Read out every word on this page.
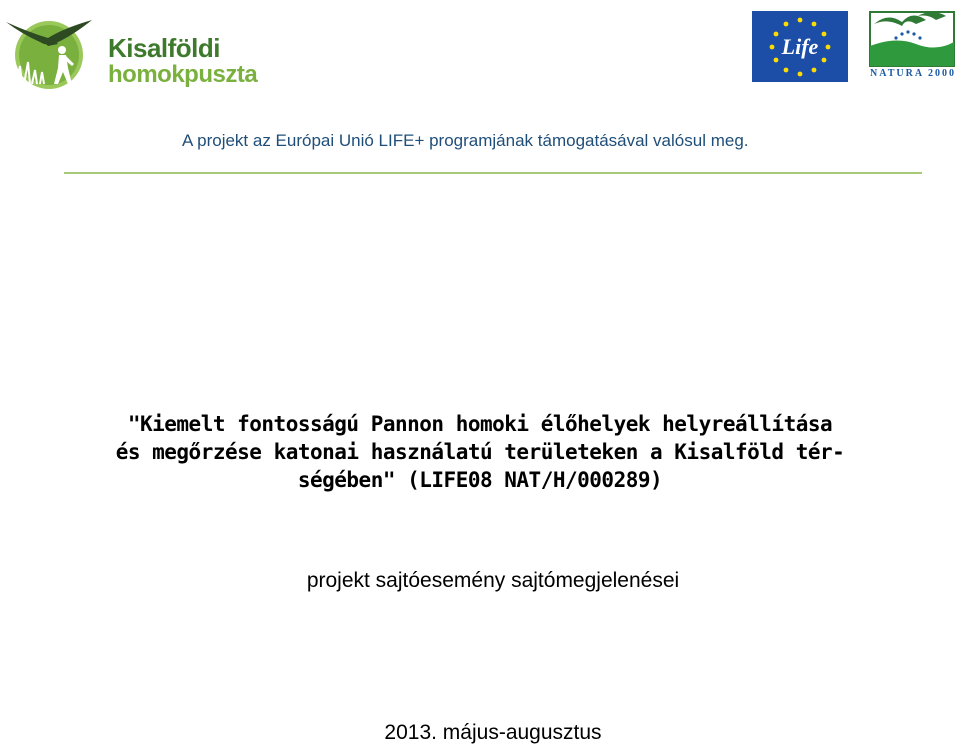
Kisalföldi
homokpuszta
Life
NATURA 2000
A projekt az Európai Unió LIFE+ programjának támogatásával valósul meg.
"Kiemelt fontosságú Pannon homoki élőhelyek helyreállítása
és megőrzése katonai használatú területeken a Kisalföld tér-
ségében" (LIFE08 NAT/H/000289)
projekt sajtóesemény sajtómegjelenései
2013. május-augusztus
